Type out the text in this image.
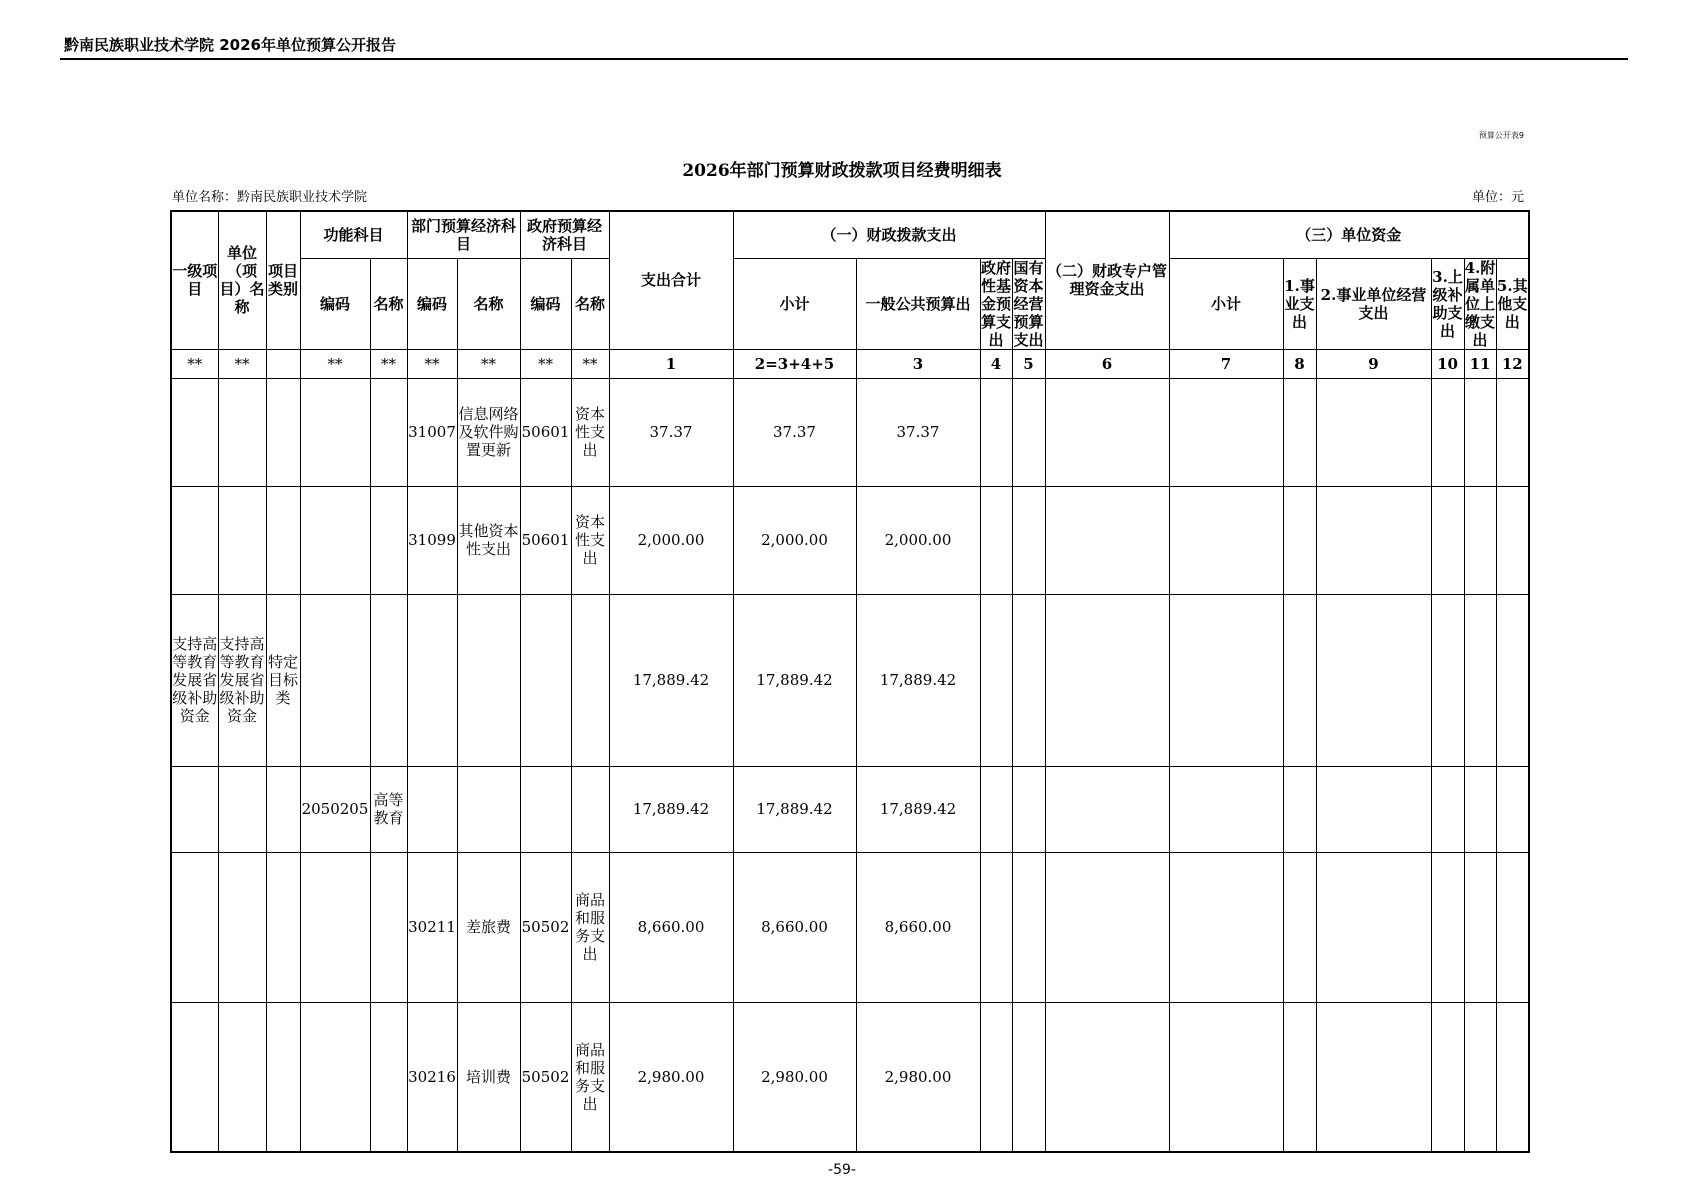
黔南民族职业技术学院 2026年单位预算公开报告
预算公开表9
2026年部门预算财政拨款项目经费明细表
单位名称：黔南民族职业技术学院	单位：元
一级项目	单位（项目）名称	项目类别	功能科目		部门预算经济科目		政府预算经济科目		支出合计	（一）财政拨款支出				（二）财政专户管理资金支出	（三）单位资金					
			编码	名称	编码	名称	编码	名称		小计	一般公共预算出	政府性基金预算支出	国有资本经营预算支出		小计	1.事业支出	2.事业单位经营支出	3.上级补助支出	4.附属单位上缴支出	5.其他支出
**	**		**	**	**	**	**	**	1	2=3+4+5	3	4	5	6	7	8	9	10	11	12
					31007	信息网络及软件购置更新	50601	资本性支出	37.37	37.37	37.37									
					31099	其他资本性支出	50601	资本性支出	2,000.00	2,000.00	2,000.00									
支持高等教育发展省级补助资金	支持高等教育发展省级补助资金	特定目标类							17,889.42	17,889.42	17,889.42									
			2050205	高等教育					17,889.42	17,889.42	17,889.42									
					30211	差旅费	50502	商品和服务支出	8,660.00	8,660.00	8,660.00									
					30216	培训费	50502	商品和服务支出	2,980.00	2,980.00	2,980.00									
-59-
